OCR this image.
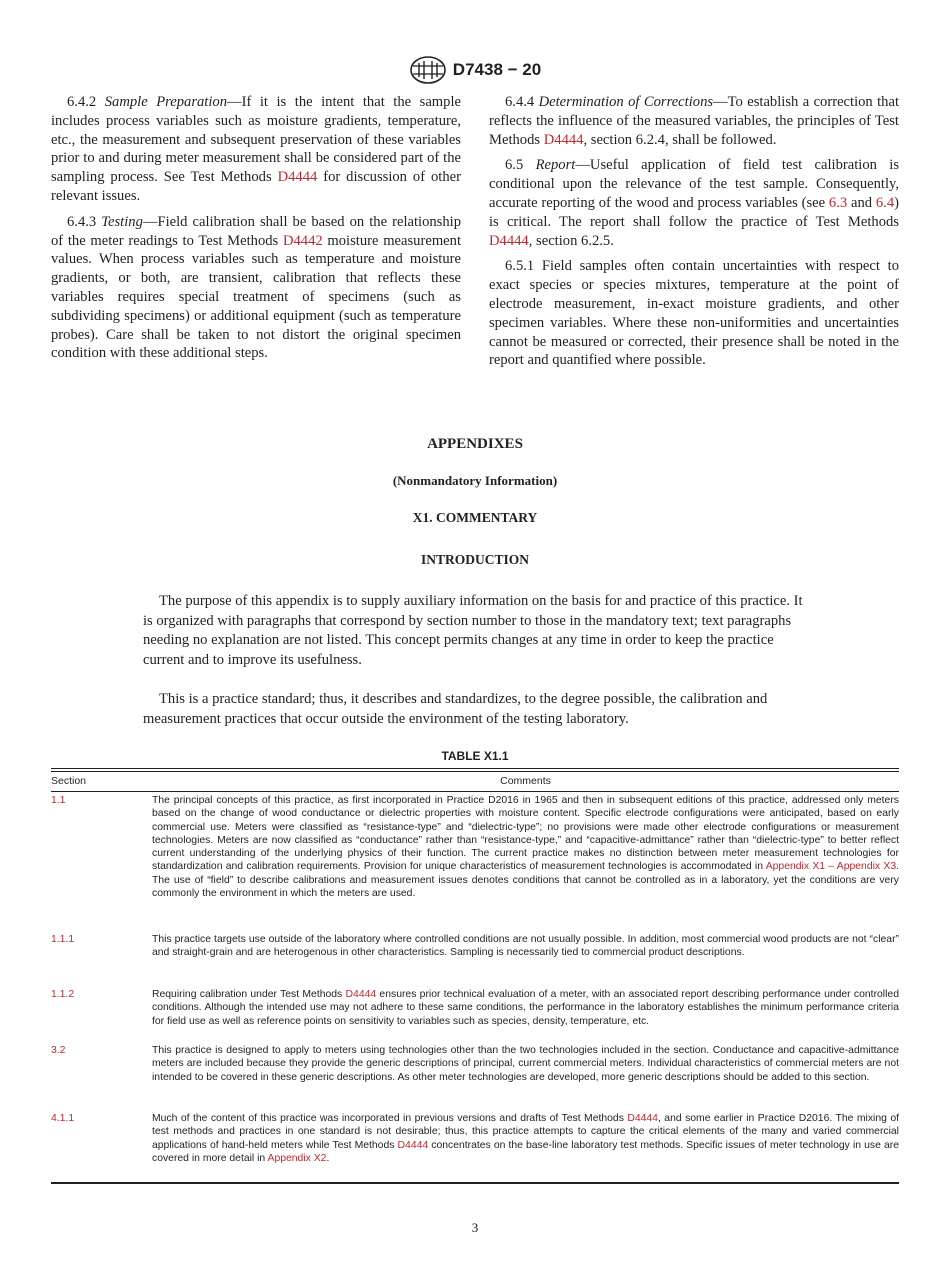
D7438 − 20

6.4.2 Sample Preparation—If it is the intent that the sample includes process variables such as moisture gradients, temperature, etc., the measurement and subsequent preservation of these variables prior to and during meter measurement shall be considered part of the sampling process. See Test Methods D4444 for discussion of other relevant issues.

6.4.3 Testing—Field calibration shall be based on the relationship of the meter readings to Test Methods D4442 moisture measurement values. When process variables such as temperature and moisture gradients, or both, are transient, calibration that reflects these variables requires special treatment of specimens (such as subdividing specimens) or additional equipment (such as temperature probes). Care shall be taken to not distort the original specimen condition with these additional steps.

6.4.4 Determination of Corrections—To establish a correction that reflects the influence of the measured variables, the principles of Test Methods D4444, section 6.2.4, shall be followed.

6.5 Report—Useful application of field test calibration is conditional upon the relevance of the test sample. Consequently, accurate reporting of the wood and process variables (see 6.3 and 6.4) is critical. The report shall follow the practice of Test Methods D4444, section 6.2.5.

6.5.1 Field samples often contain uncertainties with respect to exact species or species mixtures, temperature at the point of electrode measurement, in-exact moisture gradients, and other specimen variables. Where these non-uniformities and uncertainties cannot be measured or corrected, their presence shall be noted in the report and quantified where possible.

APPENDIXES
(Nonmandatory Information)
X1. COMMENTARY
INTRODUCTION

The purpose of this appendix is to supply auxiliary information on the basis for and practice of this practice. It is organized with paragraphs that correspond by section number to those in the mandatory text; text paragraphs needing no explanation are not listed. This concept permits changes at any time in order to keep the practice current and to improve its usefulness.

This is a practice standard; thus, it describes and standardizes, to the degree possible, the calibration and measurement practices that occur outside the environment of the testing laboratory.

TABLE X1.1
Section	Comments
1.1	The principal concepts of this practice, as first incorporated in Practice D2016 in 1965 and then in subsequent editions of this practice, addressed only meters based on the change of wood conductance or dielectric properties with moisture content. Specific electrode configurations were anticipated, based on early commercial use. Meters were classified as “resistance-type” and “dielectric-type”; no provisions were made other electrode configurations or measurement technologies. Meters are now classified as “conductance” rather than “resistance-type,” and “capacitive-admittance” rather than “dielectric-type” to better reflect current understanding of the underlying physics of their function. The current practice makes no distinction between meter measurement technologies for standardization and calibration requirements. Provision for unique characteristics of measurement technologies is accommodated in Appendix X1 – Appendix X3. The use of “field” to describe calibrations and measurement issues denotes conditions that cannot be controlled as in a laboratory, yet the conditions are very commonly the environment in which the meters are used.
1.1.1	This practice targets use outside of the laboratory where controlled conditions are not usually possible. In addition, most commercial wood products are not “clear” and straight-grain and are heterogenous in other characteristics. Sampling is necessarily tied to commercial product descriptions.
1.1.2	Requiring calibration under Test Methods D4444 ensures prior technical evaluation of a meter, with an associated report describing performance under controlled conditions. Although the intended use may not adhere to these same conditions, the performance in the laboratory establishes the minimum performance criteria for field use as well as reference points on sensitivity to variables such as species, density, temperature, etc.
3.2	This practice is designed to apply to meters using technologies other than the two technologies included in the section. Conductance and capacitive-admittance meters are included because they provide the generic descriptions of principal, current commercial meters. Individual characteristics of commercial meters are not intended to be covered in these generic descriptions. As other meter technologies are developed, more generic descriptions should be added to this section.
4.1.1	Much of the content of this practice was incorporated in previous versions and drafts of Test Methods D4444, and some earlier in Practice D2016. The mixing of test methods and practices in one standard is not desirable; thus, this practice attempts to capture the critical elements of the many and varied commercial applications of hand-held meters while Test Methods D4444 concentrates on the base-line laboratory test methods. Specific issues of meter technology in use are covered in more detail in Appendix X2.
3
